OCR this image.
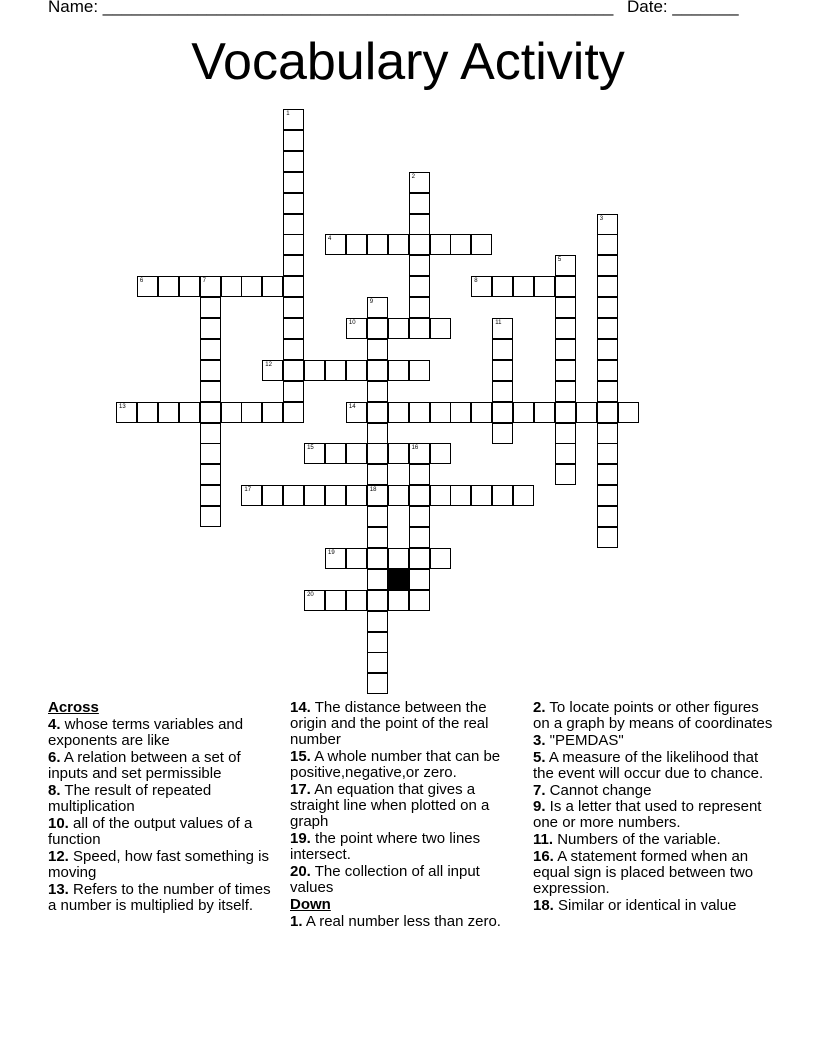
Name: ______________________________________________________ Date: _______
Vocabulary Activity
1
2
3
4
5
6	7	8
9
10	11
12
13	14
15	16
17	18
19
20
Across
4. whose terms variables and exponents are like
6. A relation between a set of inputs and set permissible
8. The result of repeated multiplication
10. all of the output values of a function
12. Speed, how fast something is moving
13. Refers to the number of times a number is multiplied by itself.
14. The distance between the origin and the point of the real number
15. A whole number that can be positive,negative,or zero.
17. An equation that gives a straight line when plotted on a graph
19. the point where two lines intersect.
20. The collection of all input values
Down
1. A real number less than zero.
2. To locate points or other figures on a graph by means of coordinates
3. "PEMDAS"
5. A measure of the likelihood that the event will occur due to chance.
7. Cannot change
9. Is a letter that used to represent one or more numbers.
11. Numbers of the variable.
16. A statement formed when an equal sign is placed between two expression.
18. Similar or identical in value
